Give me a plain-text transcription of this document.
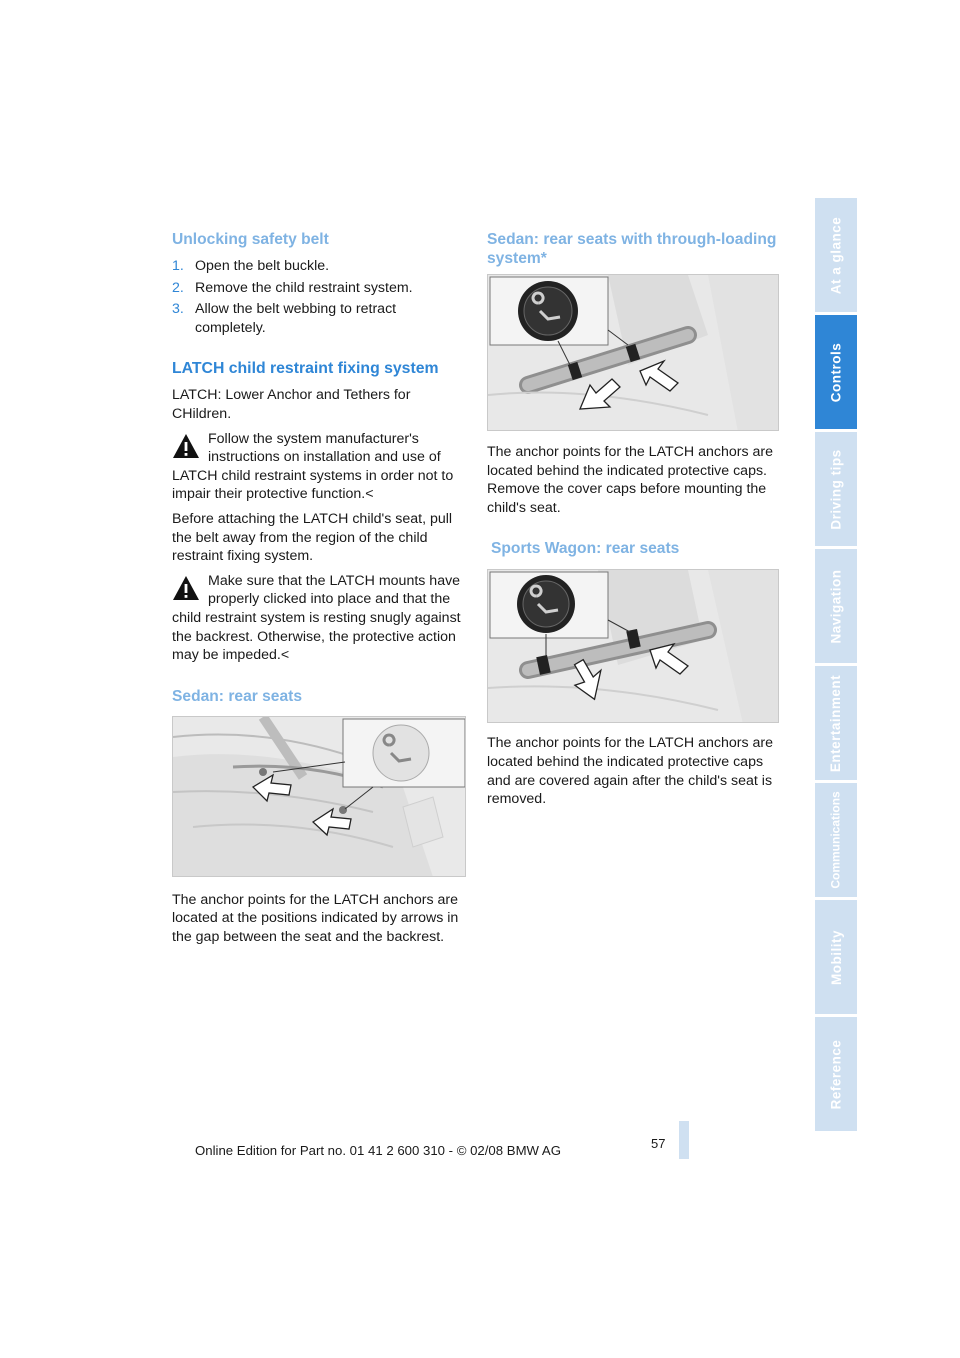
Unlocking safety belt
1. Open the belt buckle.
2. Remove the child restraint system.
3. Allow the belt webbing to retract completely.
LATCH child restraint fixing system

LATCH: Lower Anchor and Tethers for CHildren.

Follow the system manufacturer's instructions on installation and use of LATCH child restraint systems in order not to impair their protective function.<

Before attaching the LATCH child's seat, pull the belt away from the region of the child restraint fixing system.

Make sure that the LATCH mounts have properly clicked into place and that the child restraint system is resting snugly against the backrest. Otherwise, the protective action may be impeded.<
Sedan: rear seats

The anchor points for the LATCH anchors are located at the positions indicated by arrows in the gap between the seat and the backrest.

Sedan: rear seats with through-loading system*

The anchor points for the LATCH anchors are located behind the indicated protective caps. Remove the cover caps before mounting the child's seat.

Sports Wagon: rear seats

The anchor points for the LATCH anchors are located behind the indicated protective caps and are covered again after the child's seat is removed.

At a glance
Controls
Driving tips
Navigation
Entertainment
Communications
Mobility
Reference
57
Online Edition for Part no. 01 41 2 600 310 - © 02/08 BMW AG
